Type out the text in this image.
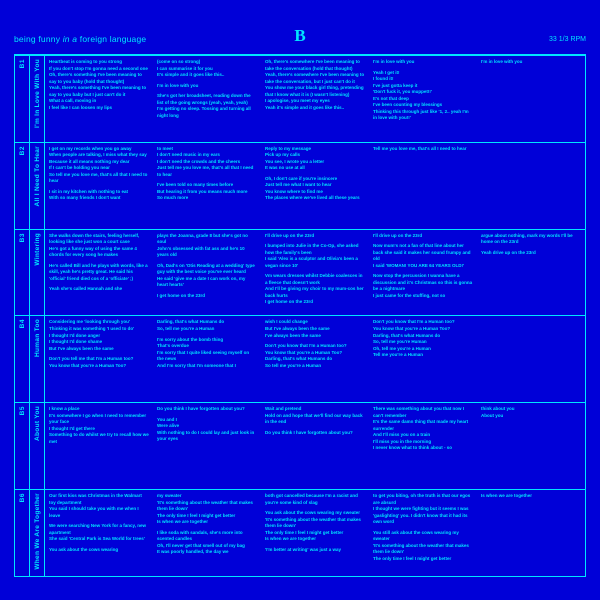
being funny in a foreign language	33 1/3 RPM
B
B1 I'm In Love With You Heartbeat is coming to you strong
If you don't stop I'm gonna need a second one
Oh, there's something I've been meaning to say to you baby (hold that thought)
Yeah, there's something I've been meaning to say to you baby but I just can't do it
What a call, moving in
I feel like I can loosen my lips

(come on so strong)
I can summarise it for you
It's simple and it goes like this..

I'm in love with you

She's got her broadsheet, reading down the list of the going wrongs (yeah, yeah, yeah)
I'm getting no sleep. Tossing and turning all night long

Oh, there's somewhere I've been meaning to take the conversation (hold that thought)
Yeah, there's somewhere I've been meaning to take the conversation, but I just can't do it
You show me your black girl thing, pretending that I know what it is (I wasn't listening)
I apologise, you meet my eyes
Yeah it's simple and it goes like this..

I'm in love with you

Yeah I get it!
I found it!
I've just gotta keep it
'Don't fuck it, you muppet!!'
It's not that deep
I've been counting my blessings
Thinking this through just like '1, 2.. yeah I'm in love with you!!'

I'm in love with you

B2 All I Need To Hear I get on my records when you go away
When people are talking, I miss what they say
Because it all means nothing my dear
If I can't be holding you near
So tell me you love me, that's all that I need to hear

I sit in my kitchen with nothing to eat
With so many friends I don't want

to meet
I don't need music in my ears
I don't need the crowds and the cheers
Just tell me you love me, that's all that I need to hear

I've been told so many times before
But hearing it from you means much more
So much more

Reply to my message
Pick up my calls
You see, I wrote you a letter
It was no use at all

Oh, I don't care if you're insincere
Just tell me what I want to hear
You know where to find me
The places where we've lived all these years

Tell me you love me, that's all I need to hear

B3 Wintering She walks down the stairs, feeling herself, looking like she just won a court case
He's got a funny way of using the same 4 chords for every song he makes

He's called Bill and he plays with words, like a skill, yeah he's pretty great. He said his 'official' friend died cos of a 'officiate' ;)

Yeah she's called Hannah and she

plays the Joanna, grade 8 but she's got no soul
John's obsessed with fat ass and he's 10 years old

Oh, Dad's on 'Otis Reading at a wedding' type guy with the best voice you've ever heard
He said 'give me a date I can work on, my heart hearts'

I get home on the 23rd

I'll drive up on the 23rd

I bumped into Julie in the Co-Op, she asked how the family's been
I said 'Alex is a sculptor and Olivia's been a vegan since 10'

Vm wears dresses whilst Debbie coalesces in a fleece that doesn't work
And I'll be giving my choir to my mum-cos her back hurts
I get home on the 23rd

I'll drive up on the 23rd

Now mum's not a fan of that line about her back she said it makes her sound frumpy and old
I said 'WOMAN! YOU ARE 64 YEARS OLD!'

Now stop the percussion I wanna have a discussion and it's Christmas so this is gonna be a nightmare
I just came for the stuffing, not so

argue about nothing, mark my words I'll be home on the 23rd

Yeah drive up on the 23rd

B4 Human Too Considering me 'looking through you'
Thinking it was something 'I used to do'
I thought I'd done anger
I thought I'd done shame
But I've always been the same

Don't you tell me that I'm a Human too?
You know that you're a Human Too?

Darling, that's what Humans do
So, tell me you're a Human

I'm sorry about the bomb thing
That's overdue
I'm sorry that I quite liked seeing myself on the news
And I'm sorry that I'm someone that I

wish I could change
But I've always been the same
I've always been the same

Don't you know that I'm a Human too?
You know that you're a Human Too?
Darling, that's what Humans do
So tell me you're a Human

Don't you know that I'm a Human too?
You know that you're a Human Too?
Darling, that's what Humans do
So, tell me you're Human
Oh, tell me you're a Human
Tell me you're a Human

B5 About You I know a place
It's somewhere I go when I need to remember your face
I thought I'd get there
Something to do whilst we try to recall how we met

Do you think I have forgotten about you?

You and I
Were alive
With nothing to do I could lay and just look in your eyes

Wait and pretend
Hold on and hope that we'll find our way back in the end

Do you think I have forgotten about you?

There was something about you that now I can't remember
It's the same damn thing that made my heart surrender
And I'll miss you on a train
I'll miss you in the morning
I never know what to think about - so

think about you
About you

B6 When We Are Together Our first kiss was Christmas in the Walmart toy department
You said I should take you with me when I leave

We were searching New York for a fancy, new apartment
She said 'Central Park is Sea World for trees'

You ask about the cows wearing

my sweater
'It's something about the weather that makes them lie down'
The only time I feel I might get better
Is when we are together

I like soda with sandals, she's more into scented candles
Oh, I'll never get that smell out of my bag
It was poorly handled, the day we

both got cancelled because I'm a racist and you're some kind of slag

You ask about the cows wearing my sweater
'It's something about the weather that makes them lie down'
The only time I feel I might get better
Is when we are together

'I'm better at writing' was just a way

to get you biting, oh the truth is that our egos are absurd
I thought we were fighting but it seems I was 'gaslighting' you. I didn't know that it had its own word

You still ask about the cows wearing my sweater
'It's something about the weather that makes them lie down'
The only time I feel I might get better

Is when we are together
